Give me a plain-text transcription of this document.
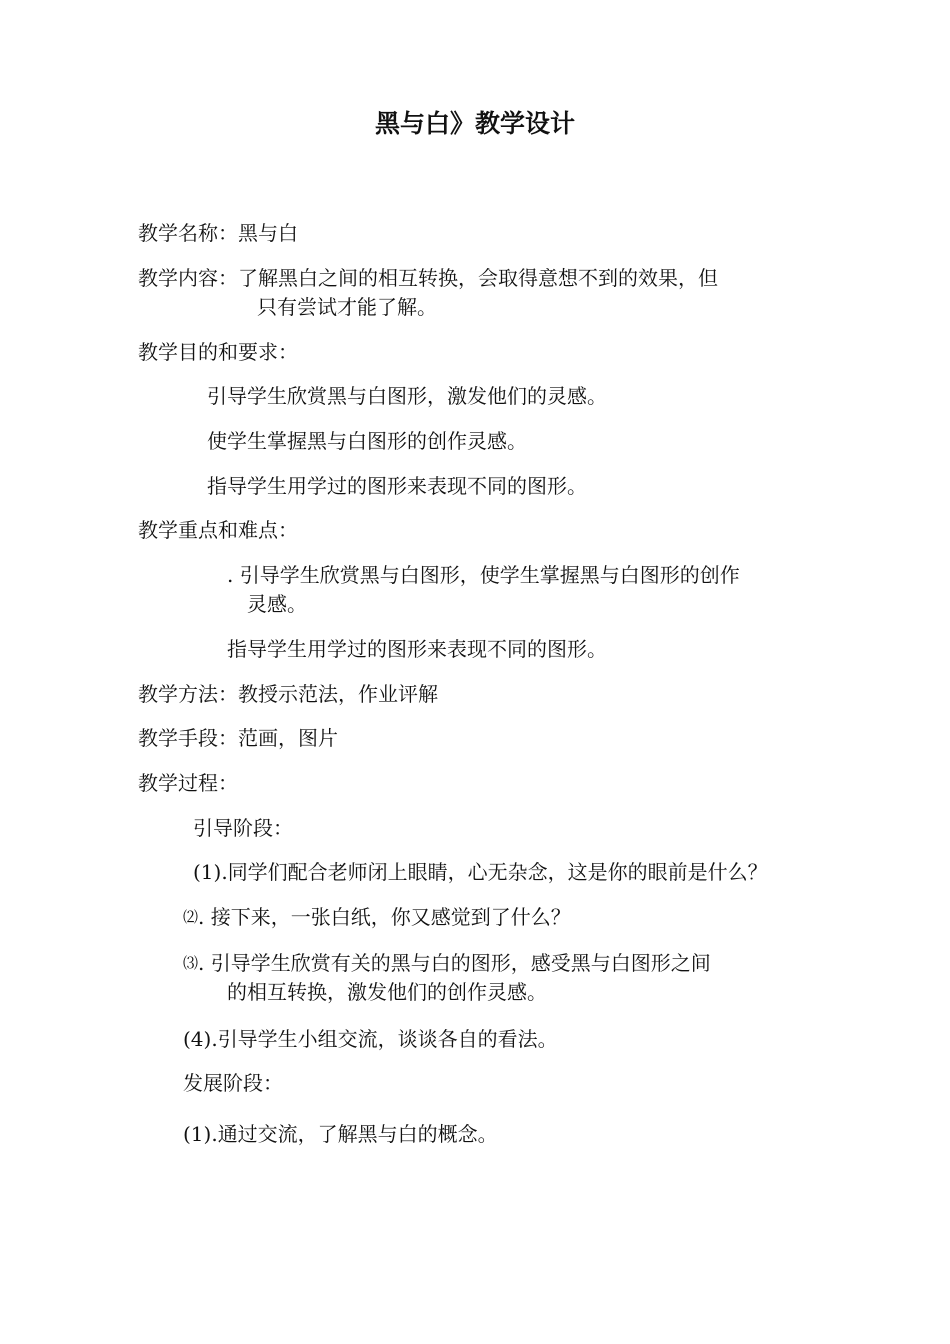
黑与白》教学设计
教学名称：黑与白
教学内容：了解黑白之间的相互转换，会取得意想不到的效果，但
只有尝试才能了解。
教学目的和要求：
引导学生欣赏黑与白图形，激发他们的灵感。
使学生掌握黑与白图形的创作灵感。
指导学生用学过的图形来表现不同的图形。
教学重点和难点：
. 引导学生欣赏黑与白图形，使学生掌握黑与白图形的创作
灵感。
指导学生用学过的图形来表现不同的图形。
教学方法：教授示范法，作业评解
教学手段：范画，图片
教学过程：
引导阶段：
(1).同学们配合老师闭上眼睛，心无杂念，这是你的眼前是什么？
⑵. 接下来，一张白纸，你又感觉到了什么？
⑶. 引导学生欣赏有关的黑与白的图形，感受黑与白图形之间
的相互转换，激发他们的创作灵感。
(4).引导学生小组交流，谈谈各自的看法。
发展阶段：
(1).通过交流，了解黑与白的概念。
